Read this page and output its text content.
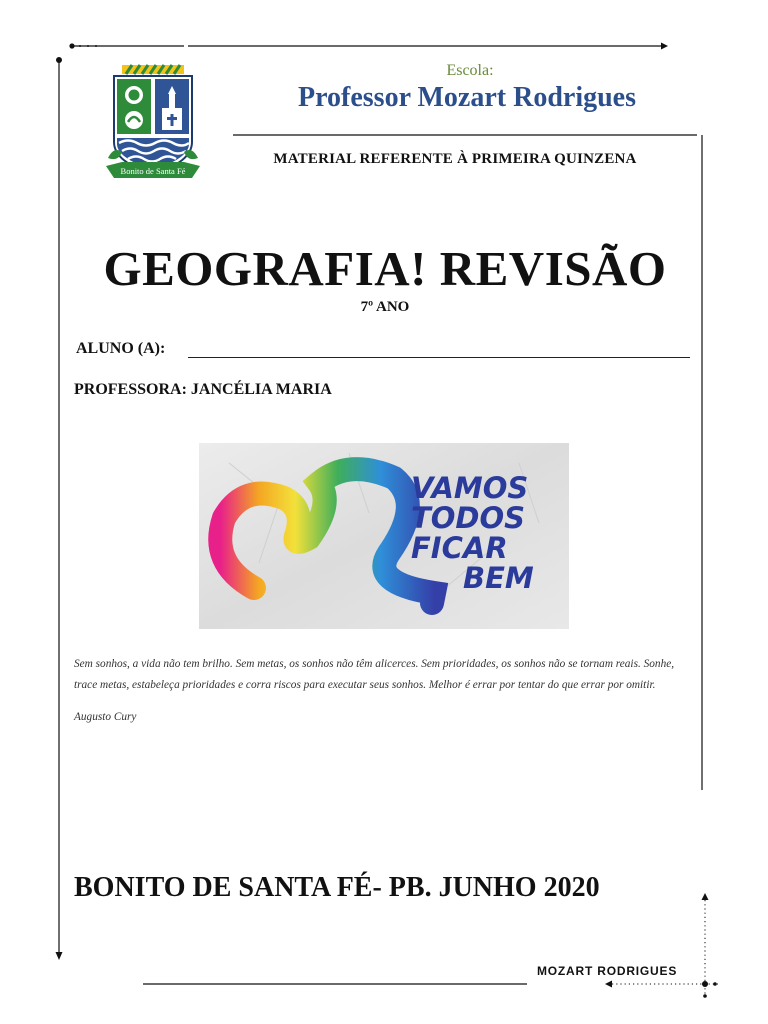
Bonito de Santa Fé
Escola:
Professor Mozart Rodrigues
MATERIAL REFERENTE À PRIMEIRA QUINZENA
GEOGRAFIA! REVISÃO
7º ANO
ALUNO (A):
PROFESSORA: JANCÉLIA MARIA
VAMOS
TODOS
FICAR
BEM
Sem sonhos, a vida não tem brilho. Sem metas, os sonhos não têm alicerces. Sem prioridades, os sonhos não se tornam reais. Sonhe, trace metas, estabeleça prioridades e corra riscos para executar seus sonhos. Melhor é errar por tentar do que errar por omitir.
Augusto Cury
BONITO DE SANTA FÉ- PB. JUNHO 2020
MOZART RODRIGUES
